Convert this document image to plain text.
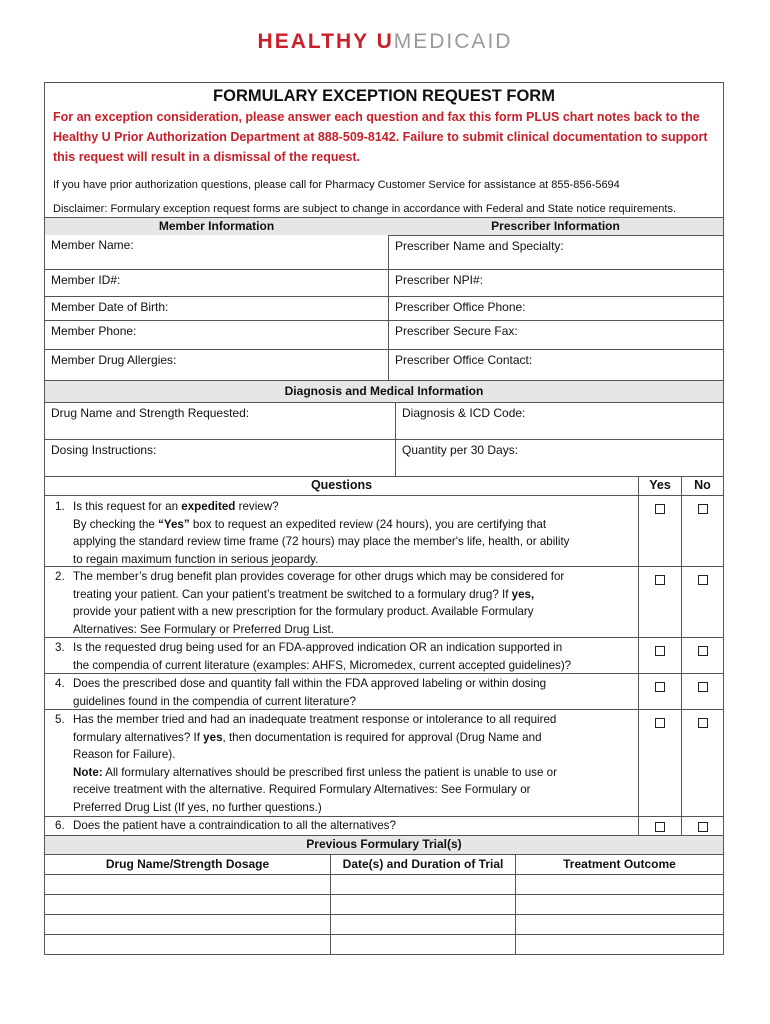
HEALTHY UMEDICAID
FORMULARY EXCEPTION REQUEST FORM
For an exception consideration, please answer each question and fax this form PLUS chart notes back to the Healthy U Prior Authorization Department at 888-509-8142. Failure to submit clinical documentation to support this request will result in a dismissal of the request.
If you have prior authorization questions, please call for Pharmacy Customer Service for assistance at 855-856-5694
Disclaimer: Formulary exception request forms are subject to change in accordance with Federal and State notice requirements.
Member Information	Prescriber Information
Member Name:	Prescriber Name and Specialty:
Member ID#:	Prescriber NPI#:
Member Date of Birth:	Prescriber Office Phone:
Member Phone:	Prescriber Secure Fax:
Member Drug Allergies:	Prescriber Office Contact:
Diagnosis and Medical Information
Drug Name and Strength Requested:	Diagnosis & ICD Code:
Dosing Instructions:	Quantity per 30 Days:
Questions	Yes	No
1. Is this request for an expedited review?
By checking the “Yes” box to request an expedited review (24 hours), you are certifying that
applying the standard review time frame (72 hours) may place the member's life, health, or ability
to regain maximum function in serious jeopardy.
2. The member’s drug benefit plan provides coverage for other drugs which may be considered for
treating your patient. Can your patient’s treatment be switched to a formulary drug? If yes,
provide your patient with a new prescription for the formulary product. Available Formulary
Alternatives: See Formulary or Preferred Drug List.
3. Is the requested drug being used for an FDA-approved indication OR an indication supported in
the compendia of current literature (examples: AHFS, Micromedex, current accepted guidelines)?
4. Does the prescribed dose and quantity fall within the FDA approved labeling or within dosing
guidelines found in the compendia of current literature?
5. Has the member tried and had an inadequate treatment response or intolerance to all required
formulary alternatives? If yes, then documentation is required for approval (Drug Name and
Reason for Failure).
Note: All formulary alternatives should be prescribed first unless the patient is unable to use or
receive treatment with the alternative. Required Formulary Alternatives: See Formulary or
Preferred Drug List (If yes, no further questions.)
6. Does the patient have a contraindication to all the alternatives?
Previous Formulary Trial(s)
Drug Name/Strength Dosage	Date(s) and Duration of Trial	Treatment Outcome
